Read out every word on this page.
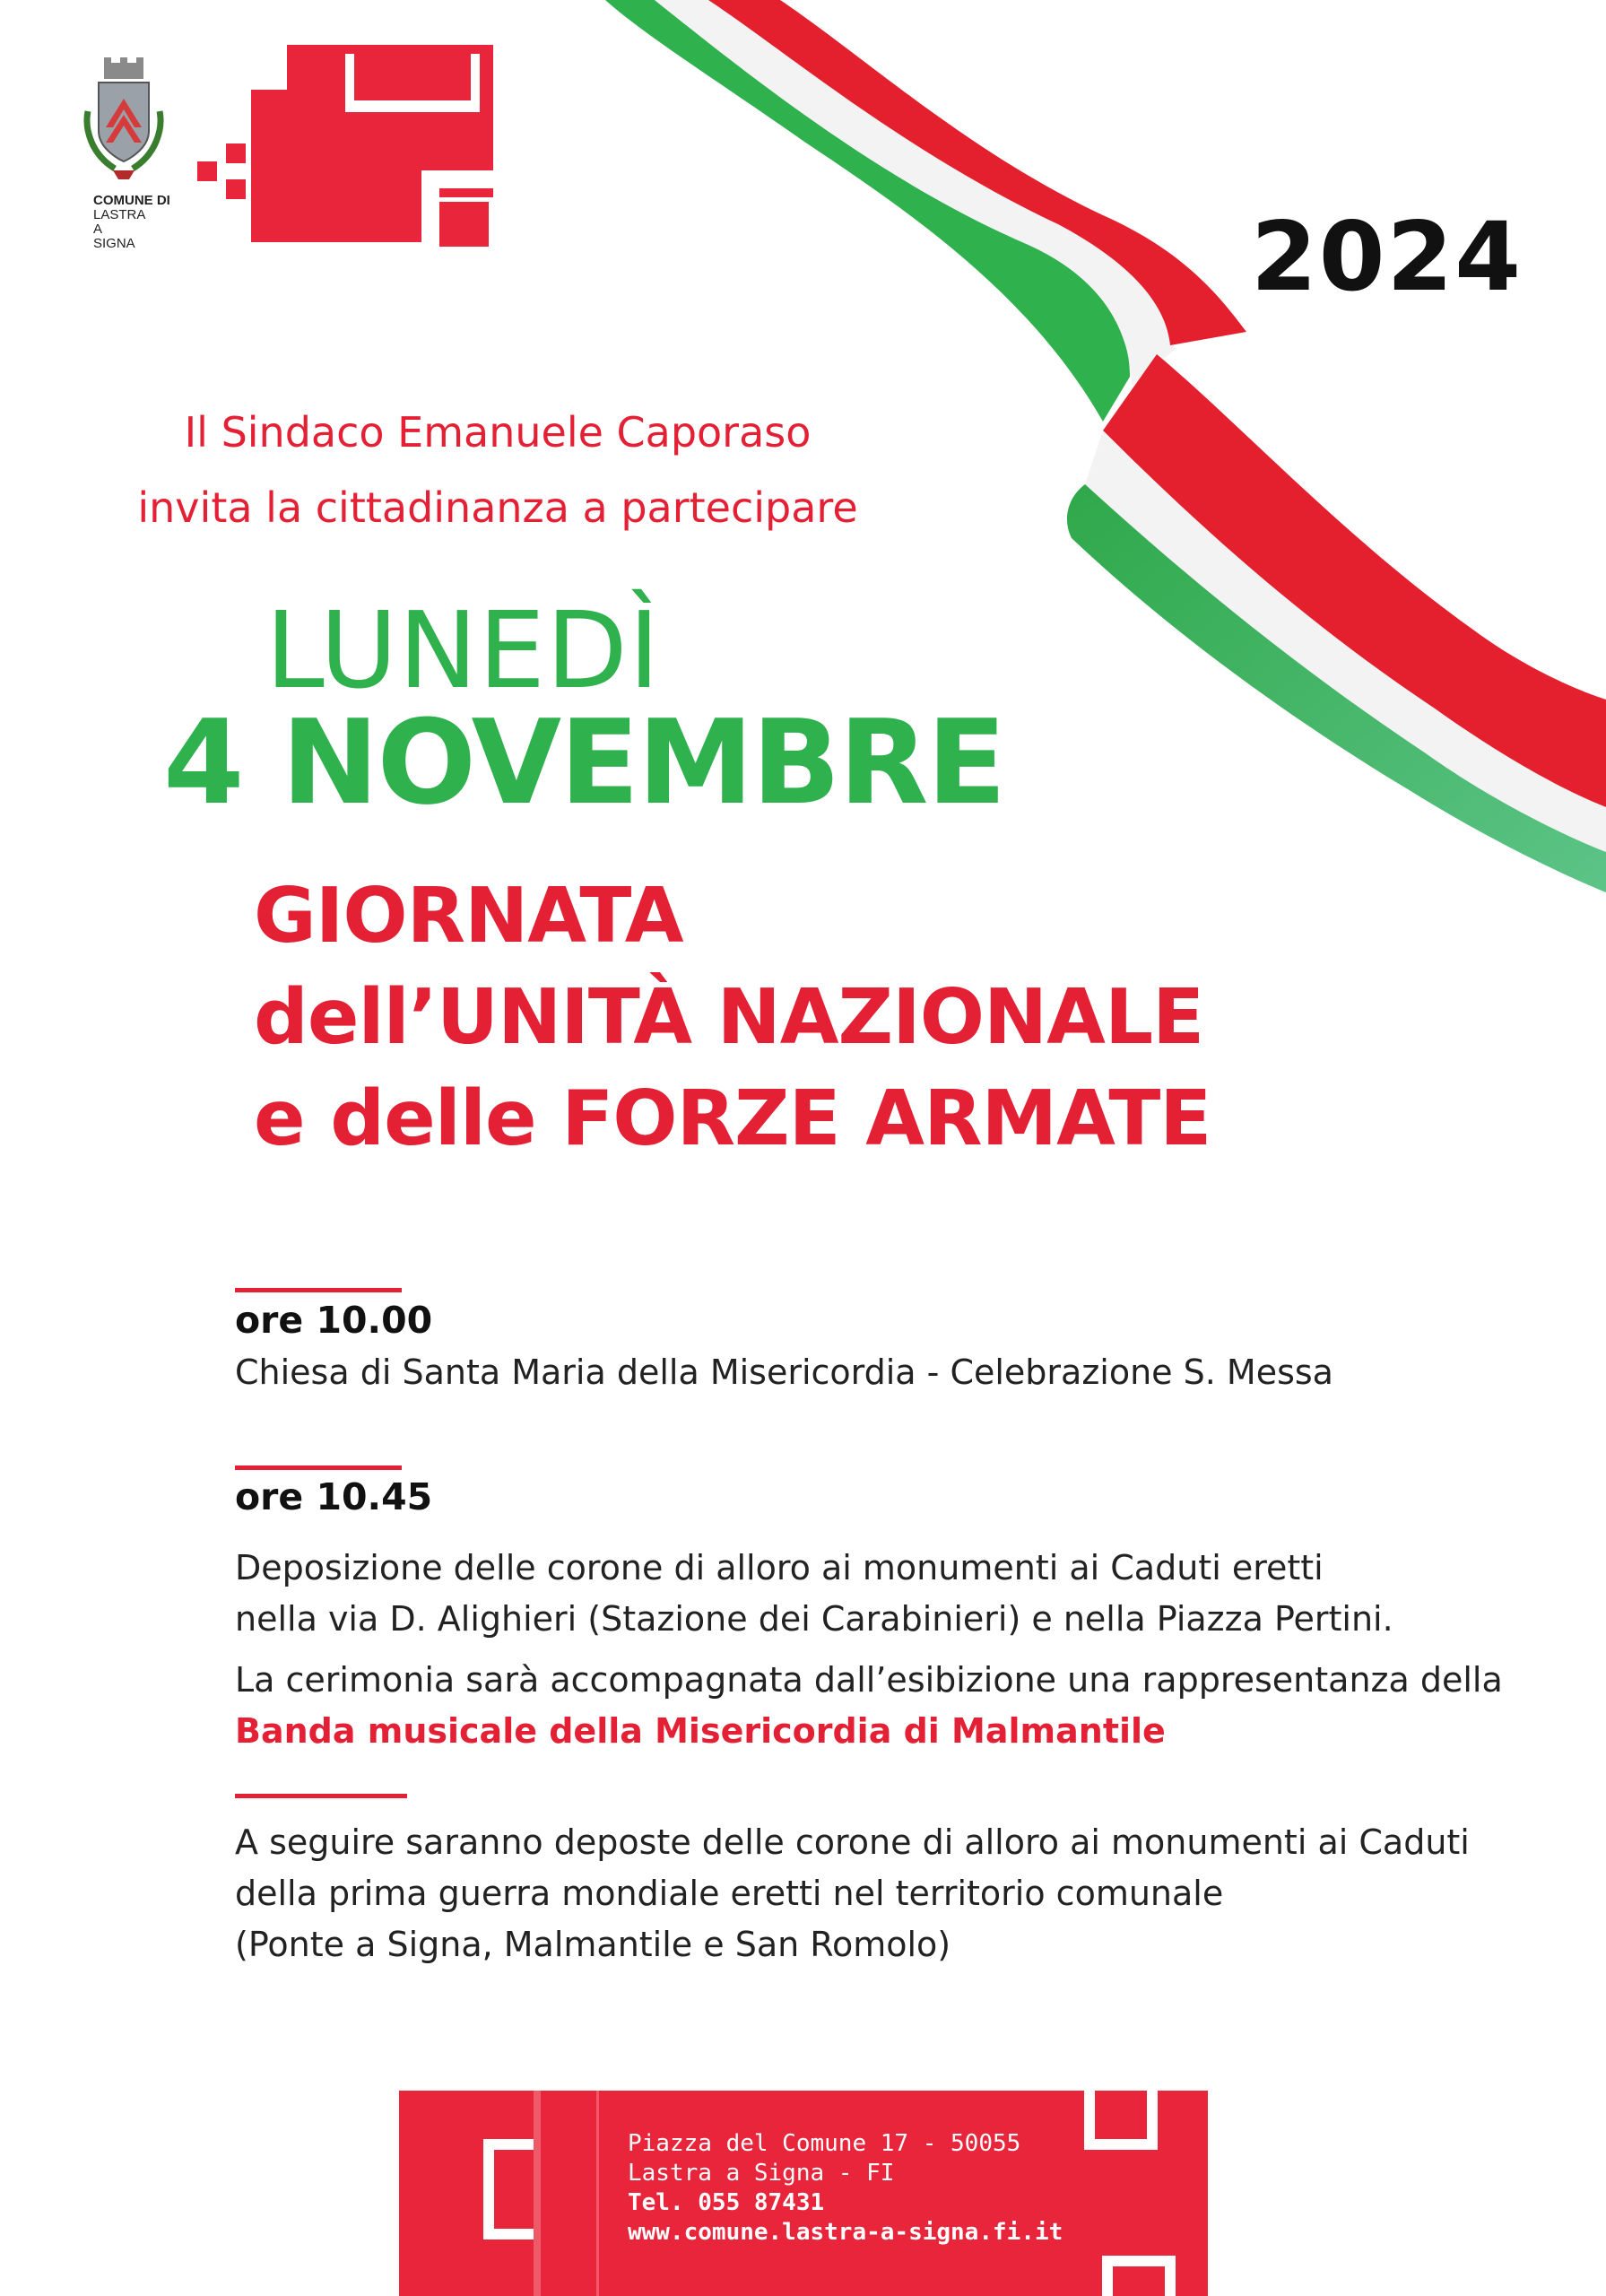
COMUNE DI
LASTRA
A
SIGNA	2024
Il Sindaco Emanuele Caporaso
invita la cittadinanza a partecipare
LUNEDÌ
4 NOVEMBRE
GIORNATA
dell’UNITÀ NAZIONALE
e delle FORZE ARMATE
ore 10.00
Chiesa di Santa Maria della Misericordia - Celebrazione S. Messa
ore 10.45
Deposizione delle corone di alloro ai monumenti ai Caduti eretti
nella via D. Alighieri (Stazione dei Carabinieri) e nella Piazza Pertini.
La cerimonia sarà accompagnata dall’esibizione una rappresentanza della
Banda musicale della Misericordia di Malmantile
A seguire saranno deposte delle corone di alloro ai monumenti ai Caduti
della prima guerra mondiale eretti nel territorio comunale
(Ponte a Signa, Malmantile e San Romolo)
Piazza del Comune 17 - 50055
Lastra a Signa - FI
Tel. 055 87431
www.comune.lastra-a-signa.fi.it
